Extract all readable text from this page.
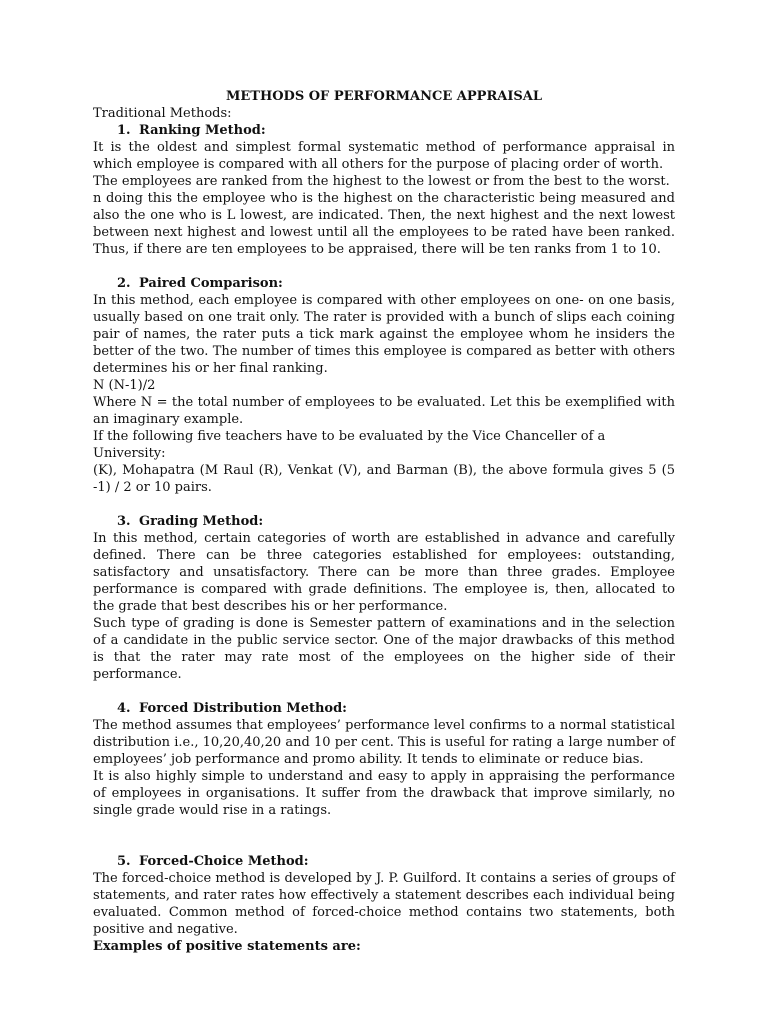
METHODS OF PERFORMANCE APPRAISAL

Traditional Methods:

1. Ranking Method:

It is the oldest and simplest formal systematic method of performance appraisal in which employee is compared with all others for the purpose of placing order of worth.

The employees are ranked from the highest to the lowest or from the best to the worst.

n doing this the employee who is the highest on the characteristic being measured and also the one who is L lowest, are indicated. Then, the next highest and the next lowest between next highest and lowest until all the employees to be rated have been ranked. Thus, if there are ten employees to be appraised, there will be ten ranks from 1 to 10.

2. Paired Comparison:

In this method, each employee is compared with other employees on one- on one basis, usually based on one trait only. The rater is provided with a bunch of slips each coining pair of names, the rater puts a tick mark against the employee whom he insiders the better of the two. The number of times this employee is compared as better with others determines his or her final ranking.

N (N-1)/2

Where N = the total number of employees to be evaluated. Let this be exemplified with an imaginary example.

If the following five teachers have to be evaluated by the Vice Chanceller of a University:

(K), Mohapatra (M Raul (R), Venkat (V), and Barman (B), the above formula gives 5 (5 -1) / 2 or 10 pairs.

3. Grading Method:

In this method, certain categories of worth are established in advance and carefully defined. There can be three categories established for employees: outstanding, satisfactory and unsatisfactory. There can be more than three grades. Employee performance is compared with grade definitions. The employee is, then, allocated to the grade that best describes his or her performance.

Such type of grading is done is Semester pattern of examinations and in the selection of a candidate in the public service sector. One of the major drawbacks of this method is that the rater may rate most of the employees on the higher side of their performance.

4. Forced Distribution Method:

The method assumes that employees’ performance level confirms to a normal statistical distribution i.e., 10,20,40,20 and 10 per cent. This is useful for rating a large number of employees’ job performance and promo ability. It tends to eliminate or reduce bias.

It is also highly simple to understand and easy to apply in appraising the performance of employees in organisations. It suffer from the drawback that improve similarly, no single grade would rise in a ratings.

5. Forced-Choice Method:

The forced-choice method is developed by J. P. Guilford. It contains a series of groups of statements, and rater rates how effectively a statement describes each individual being evaluated. Common method of forced-choice method contains two statements, both positive and negative.

Examples of positive statements are:
